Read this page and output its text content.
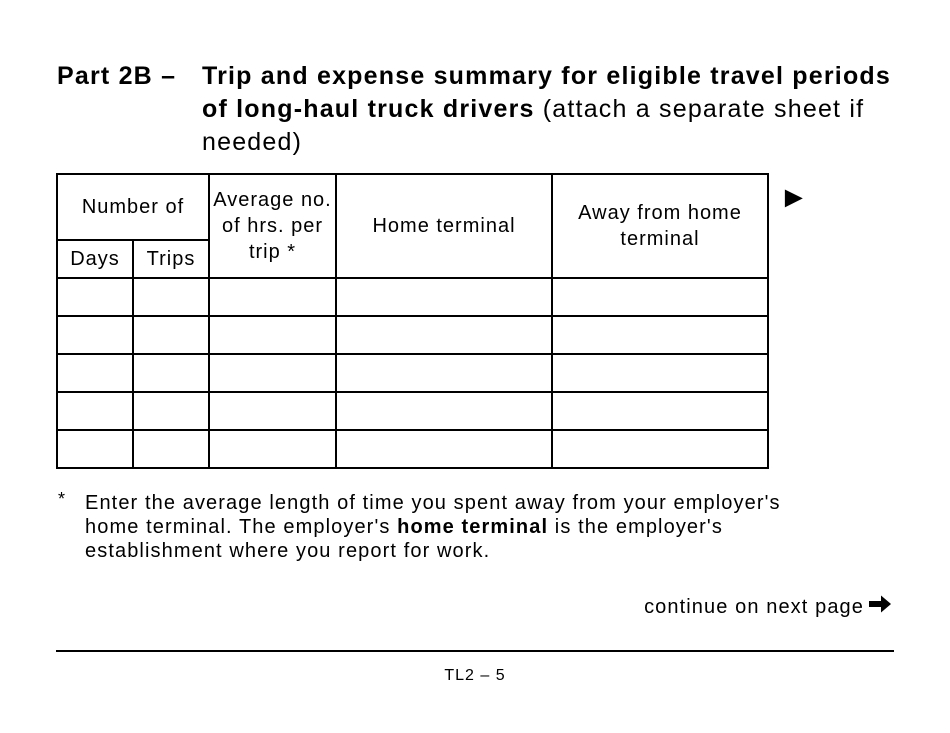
Part 2B – Trip and expense summary for eligible travel periods of long-haul truck drivers (attach a separate sheet if needed)
Number of		Average no. of hrs. per trip *	Home terminal	Away from home terminal
Days	Trips			

►
* Enter the average length of time you spent away from your employer's home terminal. The employer's home terminal is the employer's establishment where you report for work.
continue on next page
TL2 – 5
